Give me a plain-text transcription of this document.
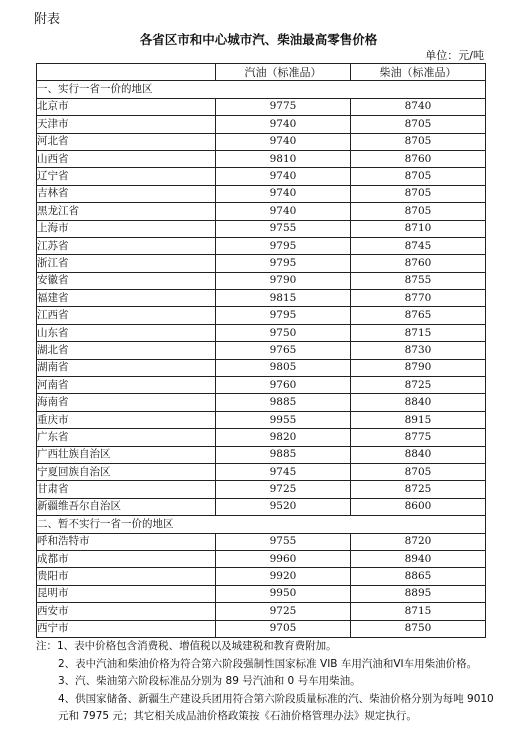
附表
各省区市和中心城市汽、柴油最高零售价格
单位：元/吨
	汽油（标准品）	柴油（标准品）
一、实行一省一价的地区		
北京市	9775	8740
天津市	9740	8705
河北省	9740	8705
山西省	9810	8760
辽宁省	9740	8705
吉林省	9740	8705
黑龙江省	9740	8705
上海市	9755	8710
江苏省	9795	8745
浙江省	9795	8760
安徽省	9790	8755
福建省	9815	8770
江西省	9795	8765
山东省	9750	8715
湖北省	9765	8730
湖南省	9805	8790
河南省	9760	8725
海南省	9885	8840
重庆市	9955	8915
广东省	9820	8775
广西壮族自治区	9885	8840
宁夏回族自治区	9745	8705
甘肃省	9725	8725
新疆维吾尔自治区	9520	8600
二、暂不实行一省一价的地区		
呼和浩特市	9755	8720
成都市	9960	8940
贵阳市	9920	8865
昆明市	9950	8895
西安市	9725	8715
西宁市	9705	8750

注：1、表中价格包含消费税、增值税以及城建税和教育费附加。

2、表中汽油和柴油价格为符合第六阶段强制性国家标准 VIB 车用汽油和VI车用柴油价格。

3、汽、柴油第六阶段标准品分别为 89 号汽油和 0 号车用柴油。

4、供国家储备、新疆生产建设兵团用符合第六阶段质量标准的汽、柴油价格分别为每吨 9010 元和 7975 元；其它相关成品油价格政策按《石油价格管理办法》规定执行。
